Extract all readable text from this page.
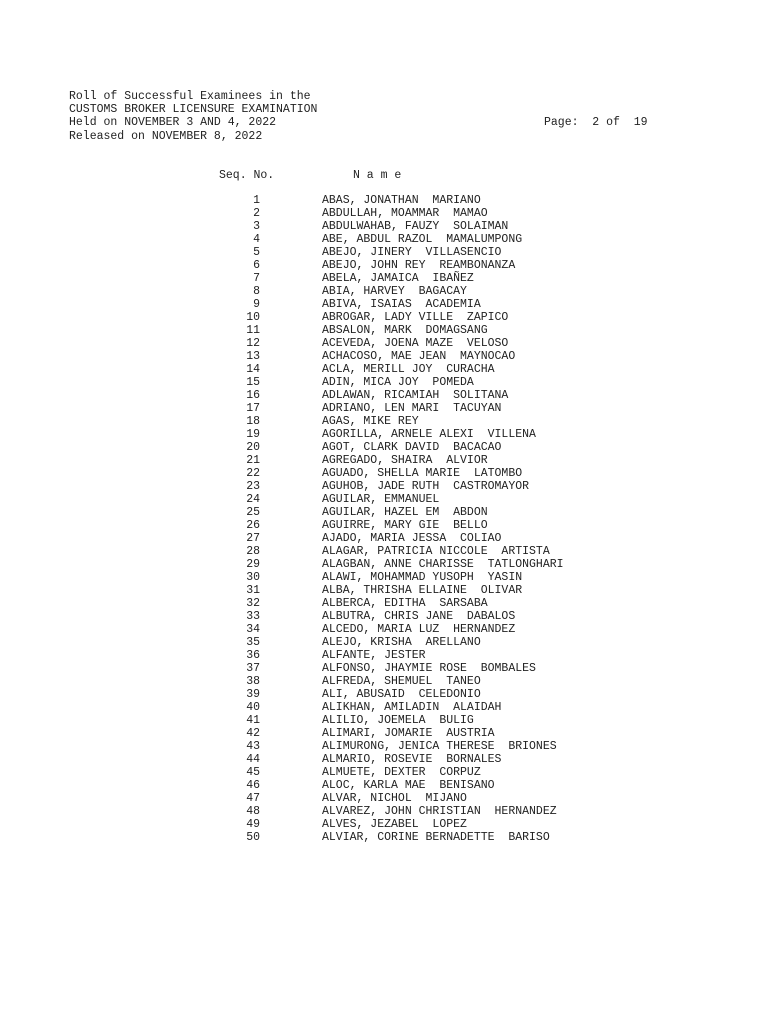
Roll of Successful Examinees in the
CUSTOMS BROKER LICENSURE EXAMINATION
Held on NOVEMBER 3 AND 4, 2022
Released on NOVEMBER 8, 2022
Page:  2 of  19
Seq. No.	N a m e
1	ABAS, JONATHAN  MARIANO
2	ABDULLAH, MOAMMAR  MAMAO
3	ABDULWAHAB, FAUZY  SOLAIMAN
4	ABE, ABDUL RAZOL  MAMALUMPONG
5	ABEJO, JINERY  VILLASENCIO
6	ABEJO, JOHN REY  REAMBONANZA
7	ABELA, JAMAICA  IBAÑEZ
8	ABIA, HARVEY  BAGACAY
9	ABIVA, ISAIAS  ACADEMIA
10	ABROGAR, LADY VILLE  ZAPICO
11	ABSALON, MARK  DOMAGSANG
12	ACEVEDA, JOENA MAZE  VELOSO
13	ACHACOSO, MAE JEAN  MAYNOCAO
14	ACLA, MERILL JOY  CURACHA
15	ADIN, MICA JOY  POMEDA
16	ADLAWAN, RICAMIAH  SOLITANA
17	ADRIANO, LEN MARI  TACUYAN
18	AGAS, MIKE REY
19	AGORILLA, ARNELE ALEXI  VILLENA
20	AGOT, CLARK DAVID  BACACAO
21	AGREGADO, SHAIRA  ALVIOR
22	AGUADO, SHELLA MARIE  LATOMBO
23	AGUHOB, JADE RUTH  CASTROMAYOR
24	AGUILAR, EMMANUEL
25	AGUILAR, HAZEL EM  ABDON
26	AGUIRRE, MARY GIE  BELLO
27	AJADO, MARIA JESSA  COLIAO
28	ALAGAR, PATRICIA NICCOLE  ARTISTA
29	ALAGBAN, ANNE CHARISSE  TATLONGHARI
30	ALAWI, MOHAMMAD YUSOPH  YASIN
31	ALBA, THRISHA ELLAINE  OLIVAR
32	ALBERCA, EDITHA  SARSABA
33	ALBUTRA, CHRIS JANE  DABALOS
34	ALCEDO, MARIA LUZ  HERNANDEZ
35	ALEJO, KRISHA  ARELLANO
36	ALFANTE, JESTER
37	ALFONSO, JHAYMIE ROSE  BOMBALES
38	ALFREDA, SHEMUEL  TANEO
39	ALI, ABUSAID  CELEDONIO
40	ALIKHAN, AMILADIN  ALAIDAH
41	ALILIO, JOEMELA  BULIG
42	ALIMARI, JOMARIE  AUSTRIA
43	ALIMURONG, JENICA THERESE  BRIONES
44	ALMARIO, ROSEVIE  BORNALES
45	ALMUETE, DEXTER  CORPUZ
46	ALOC, KARLA MAE  BENISANO
47	ALVAR, NICHOL  MIJANO
48	ALVAREZ, JOHN CHRISTIAN  HERNANDEZ
49	ALVES, JEZABEL  LOPEZ
50	ALVIAR, CORINE BERNADETTE  BARISO
